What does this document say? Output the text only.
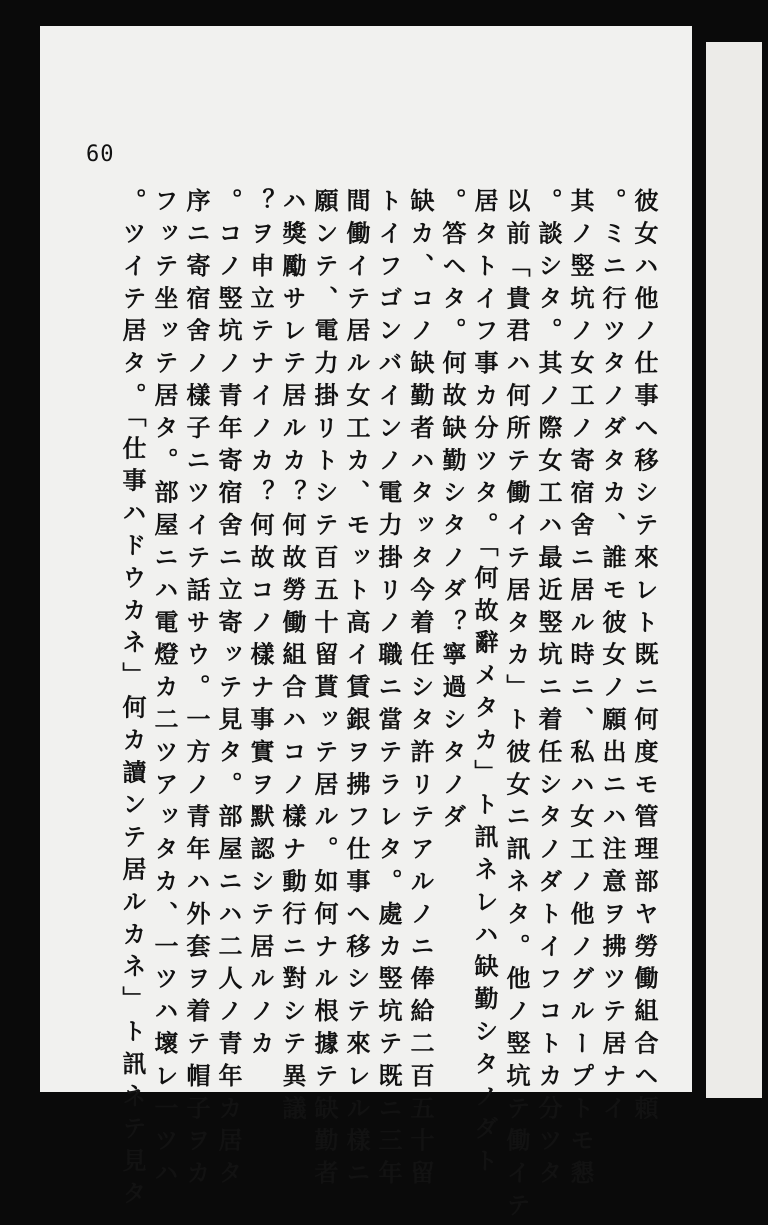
60
彼女ハ他ノ仕事へ移シテ來レト既ニ何度モ管理部ヤ勞働組合ヘ頼
ミニ行ツタノダタカ、誰モ彼女ノ願出ニハ注意ヲ拂ツテ居ナイ。
其ノ竪坑ノ女工ノ寄宿舍ニ居ル時ニ、私ハ女工ノ他ノグループトモ懇
談シタ。其ノ際女工ハ最近竪坑ニ着任シタノダトイフコトカ分ツタ。
以前「貴君ハ何所テ働イテ居タカ」ト彼女ニ訊ネタ。他ノ竪坑テ働イテ
居タトイフ事カ分ツタ。「何故辭メタカ」ト訊ネレハ缺勤シタノダト
答ヘタ。何故缺勤シタノダ？寧過シタノダ。
缺カ、コノ缺勤者ハタッタ今着任シタ許リテアルノニ俸給二百五十留
トイフゴンバインノ電力掛リノ職ニ當テラレタ。處カ竪坑テ既ニ三年
間働イテ居ル女工カ、モット高イ賃銀ヲ拂フ仕事へ移シテ來レル樣ニ
願ンテ、電力掛リトシテ百五十留貰ッテ居ル。如何ナル根據テ缺勤者
ハ獎勵サレテ居ルカ？何故勞働組合ハコノ樣ナ動行ニ對シテ異議
ヲ申立テナイノカ？何故コノ樣ナ事實ヲ默認シテ居ルノカ？
コノ竪坑ノ青年寄宿舍ニ立寄ッテ見タ。部屋ニハ二人ノ青年カ居タ。
序ニ寄宿舍ノ樣子ニツイテ話サウ。一方ノ青年ハ外套ヲ着テ帽子ヲカ
フッテ坐ッテ居タ。部屋ニハ電燈カ二ツアッタカ、一ツハ壞レ一ツハ
ツイテ居タ。「仕事ハドウカネ」何カ讀ンテ居ルカネ」ト訊ネテ見タ。
